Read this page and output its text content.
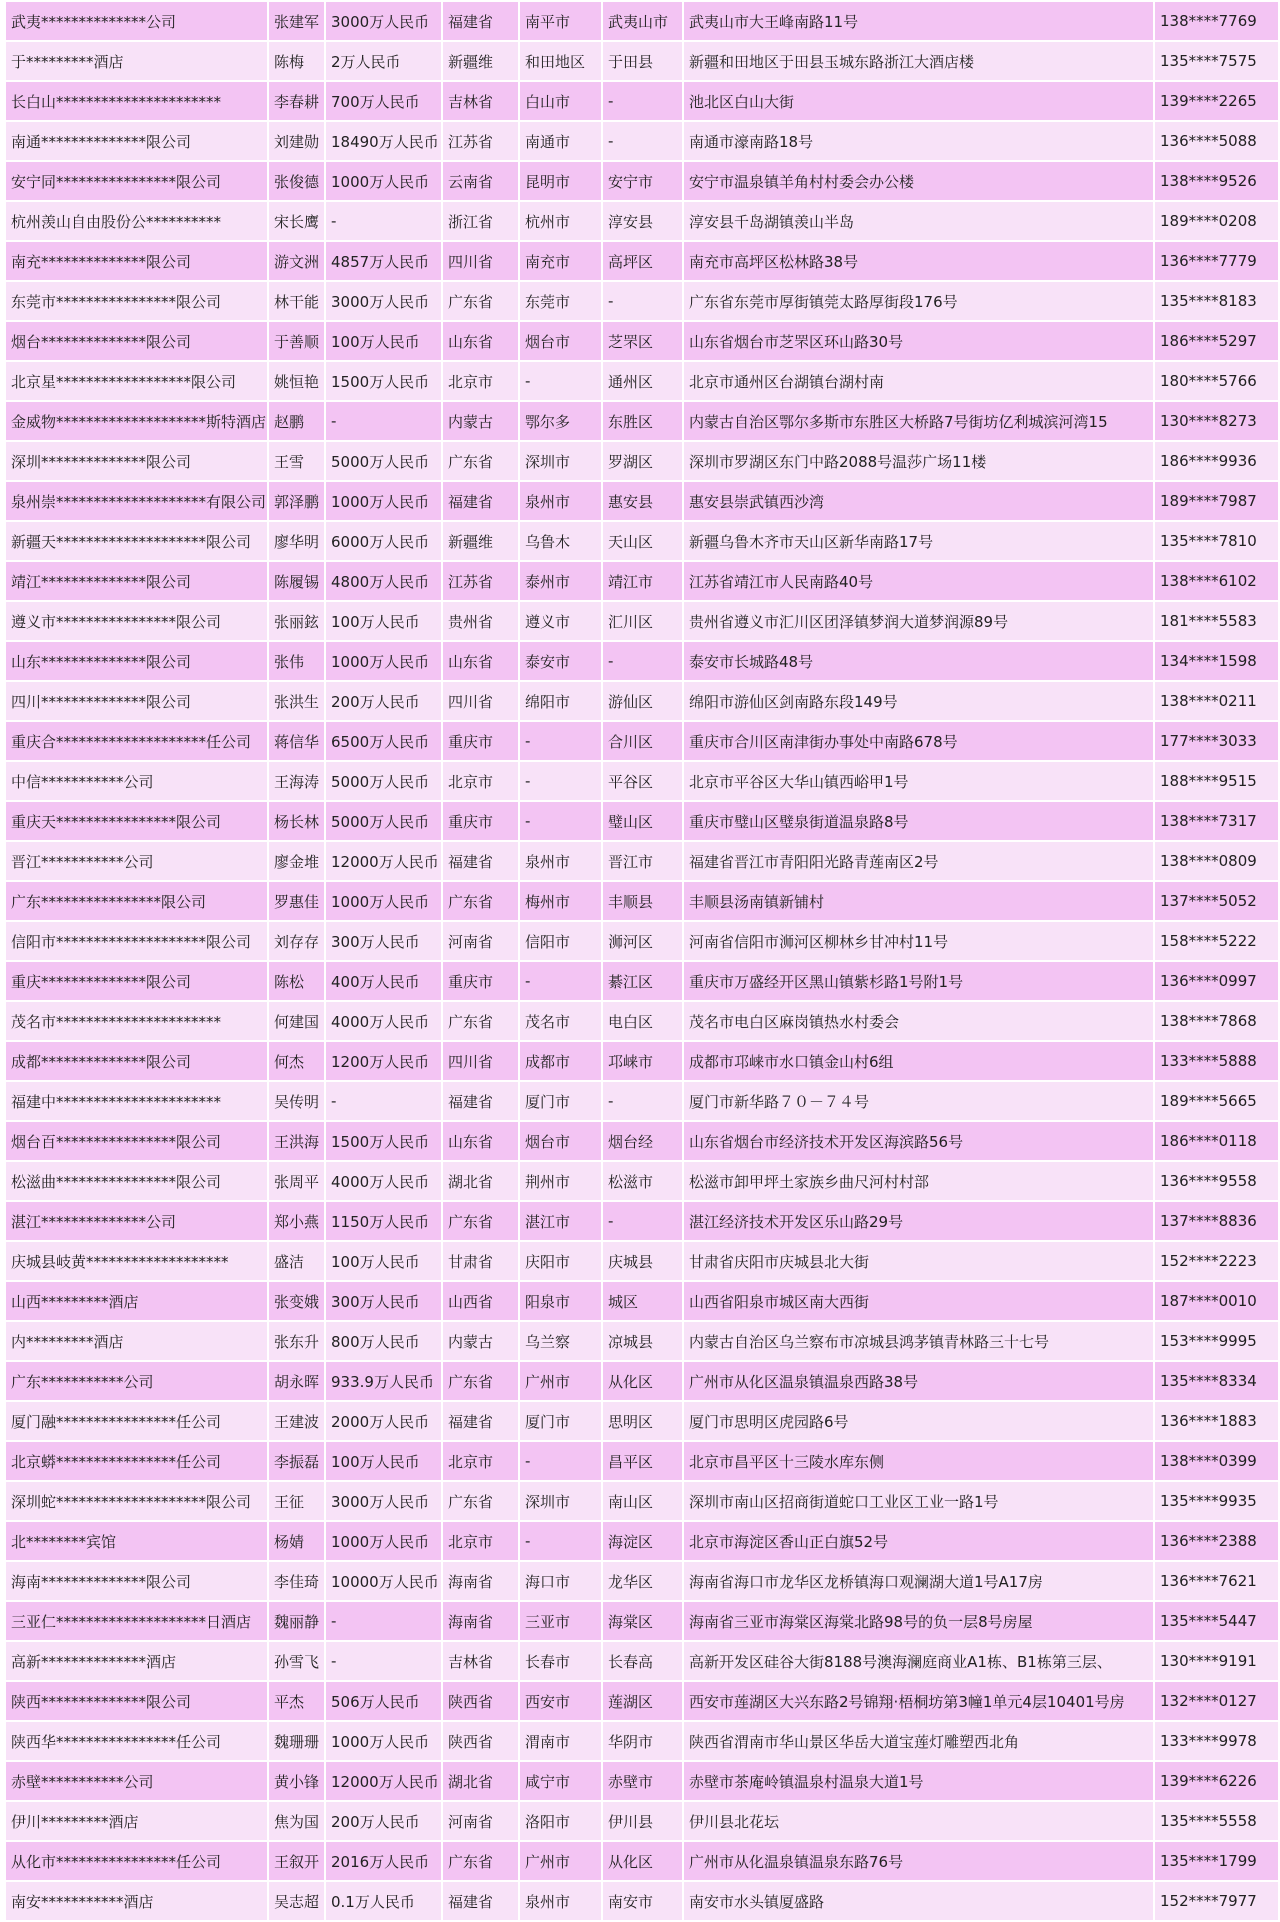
武夷**************公司	张建军	3000万人民币	福建省	南平市	武夷山市	武夷山市大王峰南路11号	138****7769
于*********酒店	陈梅	2万人民币	新疆维	和田地区	于田县	新疆和田地区于田县玉城东路浙江大酒店楼	135****7575
长白山**********************	李春耕	700万人民币	吉林省	白山市	-	池北区白山大街	139****2265
南通**************限公司	刘建勋	18490万人民币	江苏省	南通市	-	南通市濠南路18号	136****5088
安宁同****************限公司	张俊德	1000万人民币	云南省	昆明市	安宁市	安宁市温泉镇羊角村村委会办公楼	138****9526
杭州羡山自由股份公**********	宋长鹰	-	浙江省	杭州市	淳安县	淳安县千岛湖镇羡山半岛	189****0208
南充**************限公司	游文洲	4857万人民币	四川省	南充市	高坪区	南充市高坪区松林路38号	136****7779
东莞市****************限公司	林干能	3000万人民币	广东省	东莞市	-	广东省东莞市厚街镇莞太路厚街段176号	135****8183
烟台**************限公司	于善顺	100万人民币	山东省	烟台市	芝罘区	山东省烟台市芝罘区环山路30号	186****5297
北京星******************限公司	姚恒艳	1500万人民币	北京市	-	通州区	北京市通州区台湖镇台湖村南	180****5766
金威物********************斯特酒店	赵鹏	-	内蒙古	鄂尔多	东胜区	内蒙古自治区鄂尔多斯市东胜区大桥路7号街坊亿利城滨河湾15	130****8273
深圳**************限公司	王雪	5000万人民币	广东省	深圳市	罗湖区	深圳市罗湖区东门中路2088号温莎广场11楼	186****9936
泉州崇********************有限公司	郭泽鹏	1000万人民币	福建省	泉州市	惠安县	惠安县崇武镇西沙湾	189****7987
新疆天********************限公司	廖华明	6000万人民币	新疆维	乌鲁木	天山区	新疆乌鲁木齐市天山区新华南路17号	135****7810
靖江**************限公司	陈履锡	4800万人民币	江苏省	泰州市	靖江市	江苏省靖江市人民南路40号	138****6102
遵义市****************限公司	张丽鉉	100万人民币	贵州省	遵义市	汇川区	贵州省遵义市汇川区团泽镇梦润大道梦润源89号	181****5583
山东**************限公司	张伟	1000万人民币	山东省	泰安市	-	泰安市长城路48号	134****1598
四川**************限公司	张洪生	200万人民币	四川省	绵阳市	游仙区	绵阳市游仙区剑南路东段149号	138****0211
重庆合********************任公司	蒋信华	6500万人民币	重庆市	-	合川区	重庆市合川区南津街办事处中南路678号	177****3033
中信***********公司	王海涛	5000万人民币	北京市	-	平谷区	北京市平谷区大华山镇西峪甲1号	188****9515
重庆天****************限公司	杨长林	5000万人民币	重庆市	-	璧山区	重庆市璧山区璧泉街道温泉路8号	138****7317
晋江***********公司	廖金堆	12000万人民币	福建省	泉州市	晋江市	福建省晋江市青阳阳光路青莲南区2号	138****0809
广东****************限公司	罗惠佳	1000万人民币	广东省	梅州市	丰顺县	丰顺县汤南镇新铺村	137****5052
信阳市********************限公司	刘存存	300万人民币	河南省	信阳市	浉河区	河南省信阳市浉河区柳林乡甘冲村11号	158****5222
重庆**************限公司	陈松	400万人民币	重庆市	-	綦江区	重庆市万盛经开区黑山镇紫杉路1号附1号	136****0997
茂名市**********************	何建国	4000万人民币	广东省	茂名市	电白区	茂名市电白区麻岗镇热水村委会	138****7868
成都**************限公司	何杰	1200万人民币	四川省	成都市	邛崃市	成都市邛崃市水口镇金山村6组	133****5888
福建中**********************	吴传明	-	福建省	厦门市	-	厦门市新华路７０－７４号	189****5665
烟台百****************限公司	王洪海	1500万人民币	山东省	烟台市	烟台经	山东省烟台市经济技术开发区海滨路56号	186****0118
松滋曲****************限公司	张周平	4000万人民币	湖北省	荆州市	松滋市	松滋市卸甲坪土家族乡曲尺河村村部	136****9558
湛江**************公司	郑小燕	1150万人民币	广东省	湛江市	-	湛江经济技术开发区乐山路29号	137****8836
庆城县岐黄*******************	盛洁	100万人民币	甘肃省	庆阳市	庆城县	甘肃省庆阳市庆城县北大街	152****2223
山西*********酒店	张变娥	300万人民币	山西省	阳泉市	城区	山西省阳泉市城区南大西街	187****0010
内*********酒店	张东升	800万人民币	内蒙古	乌兰察	凉城县	内蒙古自治区乌兰察布市凉城县鸿茅镇青林路三十七号	153****9995
广东***********公司	胡永晖	933.9万人民币	广东省	广州市	从化区	广州市从化区温泉镇温泉西路38号	135****8334
厦门融****************任公司	王建波	2000万人民币	福建省	厦门市	思明区	厦门市思明区虎园路6号	136****1883
北京蟒****************任公司	李振磊	100万人民币	北京市	-	昌平区	北京市昌平区十三陵水库东侧	138****0399
深圳蛇********************限公司	王征	3000万人民币	广东省	深圳市	南山区	深圳市南山区招商街道蛇口工业区工业一路1号	135****9935
北********宾馆	杨婧	1000万人民币	北京市	-	海淀区	北京市海淀区香山正白旗52号	136****2388
海南**************限公司	李佳琦	10000万人民币	海南省	海口市	龙华区	海南省海口市龙华区龙桥镇海口观澜湖大道1号A17房	136****7621
三亚仁********************日酒店	魏丽静	-	海南省	三亚市	海棠区	海南省三亚市海棠区海棠北路98号的负一层8号房屋	135****5447
高新**************酒店	孙雪飞	-	吉林省	长春市	长春高	高新开发区硅谷大街8188号澳海澜庭商业A1栋、B1栋第三层、	130****9191
陕西**************限公司	平杰	506万人民币	陕西省	西安市	莲湖区	西安市莲湖区大兴东路2号锦翔·梧桐坊第3幢1单元4层10401号房	132****0127
陕西华****************任公司	魏珊珊	1000万人民币	陕西省	渭南市	华阴市	陕西省渭南市华山景区华岳大道宝莲灯雕塑西北角	133****9978
赤壁***********公司	黄小锋	12000万人民币	湖北省	咸宁市	赤壁市	赤壁市茶庵岭镇温泉村温泉大道1号	139****6226
伊川*********酒店	焦为国	200万人民币	河南省	洛阳市	伊川县	伊川县北花坛	135****5558
从化市****************任公司	王叙开	2016万人民币	广东省	广州市	从化区	广州市从化温泉镇温泉东路76号	135****1799
南安***********酒店	吴志超	0.1万人民币	福建省	泉州市	南安市	南安市水头镇厦盛路	152****7977
